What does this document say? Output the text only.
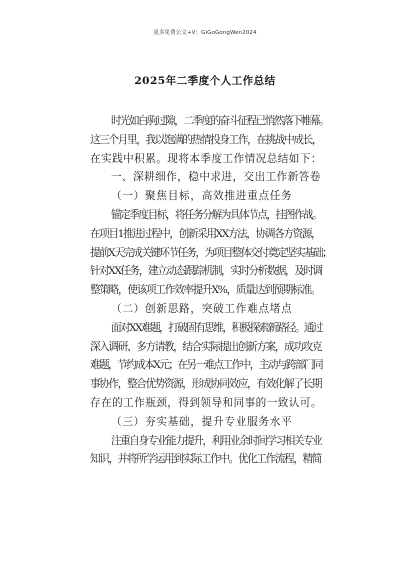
更多免费公文+V：GiGoGongWen2024
2025年二季度个人工作总结
时光如白驹过隙，二季度的奋斗征程已悄然落下帷幕。
这三个月里，我以饱满的热情投身工作，在挑战中成长，
在实践中积累。现将本季度工作情况总结如下：
一、深耕细作，稳中求进，交出工作新答卷
（一）聚焦目标，高效推进重点任务
锚定季度目标，将任务分解为具体节点，挂图作战。
在项目1推进过程中，创新采用XX方法，协调各方资源，
提前X天完成关键环节任务，为项目整体交付奠定坚实基础；
针对XX任务，建立动态跟踪机制，实时分析数据，及时调
整策略，使该项工作效率提升X%，质量达到预期标准。
（二）创新思路，突破工作难点堵点
面对XX难题，打破固有思维，积极探索新路径。通过
深入调研、多方请教，结合实际提出创新方案，成功攻克
难题，节约成本X元；在另一难点工作中，主动与跨部门同
事协作，整合优势资源，形成协同效应，有效化解了长期
存在的工作瓶颈，得到领导和同事的一致认可。
（三）夯实基础，提升专业服务水平
注重自身专业能力提升，利用业余时间学习相关专业
知识，并将所学运用到实际工作中。优化工作流程，精简
